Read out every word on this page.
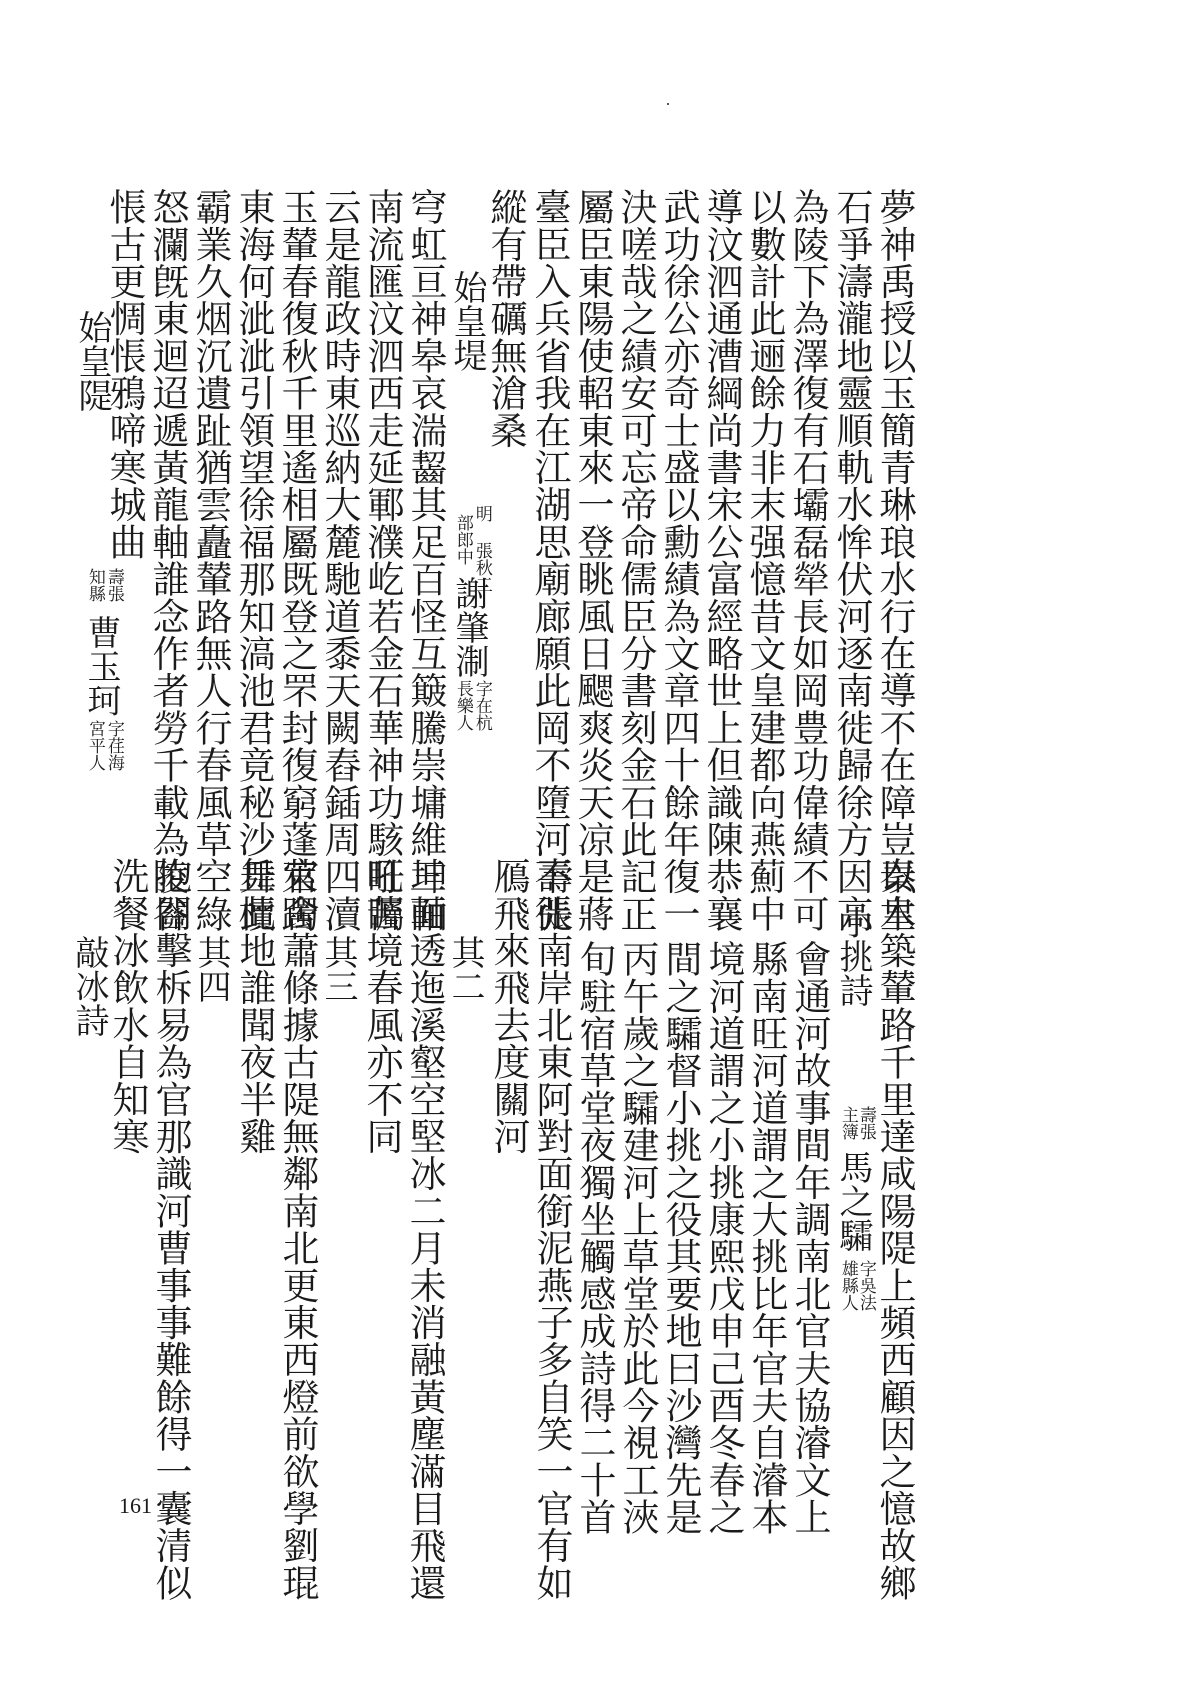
夢神禹授以玉簡青琳琅水行在導不在障豈以木
石爭濤瀧地靈順軌水恈伏河逐南徙歸徐方因高
為陵下為澤復有石壩磊犖長如岡豊功偉績不可
以數計此逦餘力非末强憶昔文皇建都向燕薊中
導汶泗通漕綱尚書宋公富經略世上但識陳恭襄
武功徐公亦奇士盛以勳績為文章四十餘年復一
決嗟哉之績安可忘帝命儒臣分書刻金石此記正
屬臣東陽使軺東來一登眺風日颸爽炎天凉是蔣
臺臣入兵省我在江湖思廟廊願此岡不墮河不徙
縱有帶礪無滄桑
始皇堤
明 張秋工
部郎中
謝肇淛
字在杭
長樂人
穹虹亘神皋哀湍齧其足百怪互簸騰崇墉維坤軸
南流匯汶泗西走延鄆濮屹若金石華神功駭盱矚
云是龍政時東巡納大麓馳道黍天闕舂鍤周四瀆
玉輦春復秋千里遙相屬既登之罘封復窮蓬萊躅
東海何泚泚引領望徐福那知滈池君竟秘沙丘櫝
霸業久烟沉遺趾猶雲矗輦路無人行春風草空綠
怒瀾旣東迴迢遞黃龍軸誰念作者勞千載為陵谷
悵古更惆悵鴉啼寒城曲
始皇隄
壽張
知縣
曹玉珂
字荏海
宮平人
秦皇築輦路千里達咸陽隄上頻西顧因之憶故鄉
小挑詩
壽張
主簿
馬之驦
字吳法
雄縣人
會通河故事間年調南北官夫協濬文上
縣南旺河道謂之大挑比年官夫自濬本
境河道謂之小挑康熙戊申己酉冬春之
間之驦督小挑之役其要地曰沙灣先是
丙午歲之驦建河上草堂於此今視工浹
旬駐宿草堂夜獨坐觸感成詩得二十首
壽張南岸北東阿對面銜泥燕子多自笑一官有如
鴈飛來飛去度關河
其二
三面透迤溪壑空堅冰二月未消融黃塵滿目飛還
吼苦境春風亦不同
其三
官舍蕭條據古隄無鄰南北更東西燈前欲學劉琨
舞此地誰聞夜半雞
其四
抱關擊柝易為官那識河曹事事難餘得一囊清似
洗餐冰飲水自知寒
敲冰詩
161
